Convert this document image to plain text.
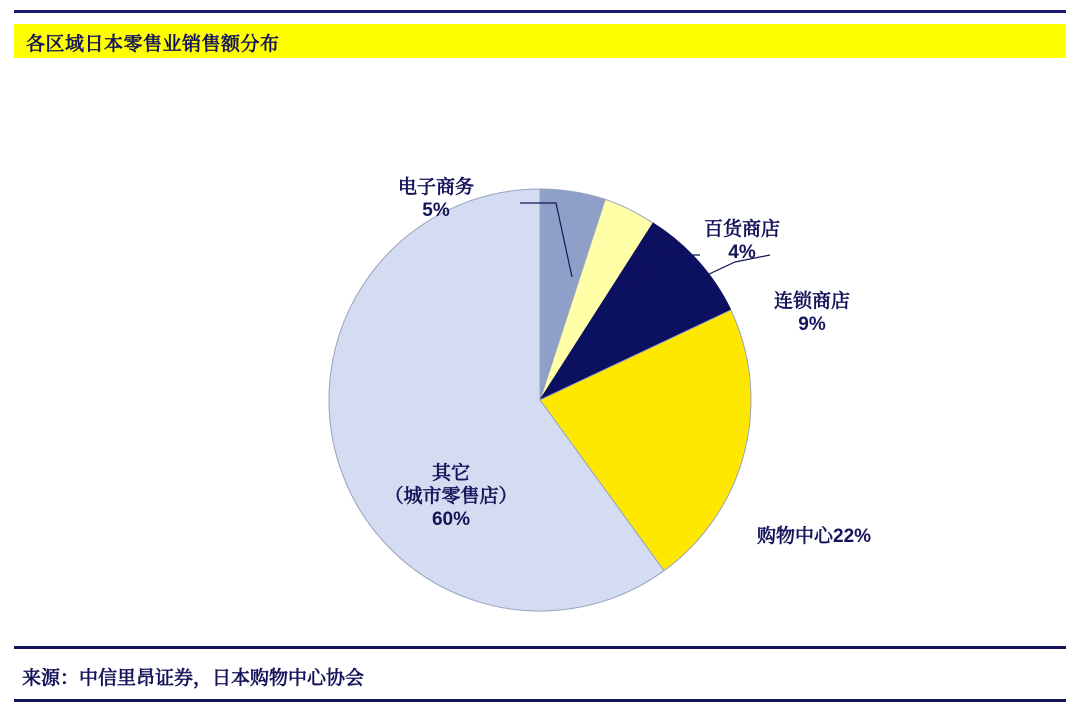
各区域日本零售业销售额分布
电子商务
5%
百货商店
4%
连锁商店
9%
购物中心22%
其它
（城市零售店）
60%
来源：中信里昂证券，日本购物中心协会
